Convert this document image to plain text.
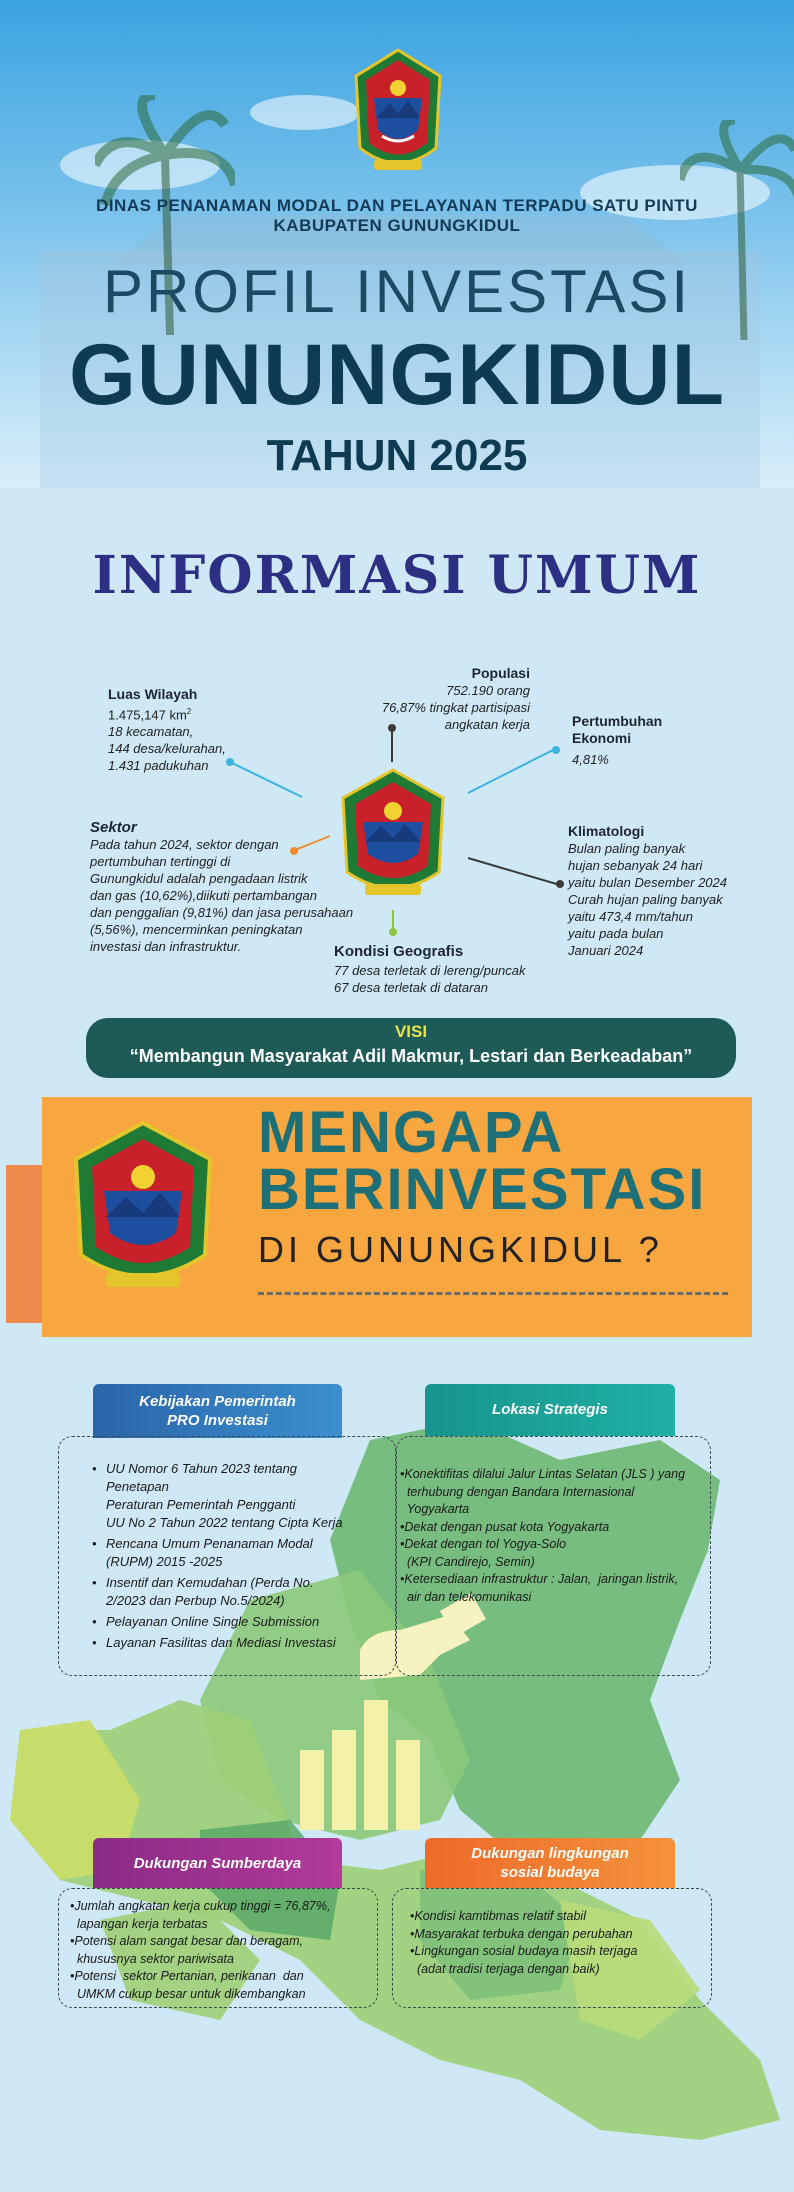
DINAS PENANAMAN MODAL DAN PELAYANAN TERPADU SATU PINTU
KABUPATEN GUNUNGKIDUL
PROFIL INVESTASI
GUNUNGKIDUL
TAHUN 2025
INFORMASI UMUM
Luas Wilayah
1.475,147 $km^2$
18 kecamatan,
144 desa/kelurahan,
1.431 padukuhan
Populasi
752.190 orang
76,87% tingkat partisipasi
angkatan kerja	Pertumbuhan
Ekonomi
4,81%
Sektor
Pada tahun 2024, sektor dengan
pertumbuhan tertinggi di
Gunungkidul adalah pengadaan listrik
dan gas (10,62%),diikuti pertambangan
dan penggalian (9,81%) dan jasa perusahaan
(5,56%), mencerminkan peningkatan
investasi dan infrastruktur.
Klimatologi
Bulan paling banyak
hujan sebanyak 24 hari
yaitu bulan Desember 2024
Curah hujan paling banyak
yaitu 473,4 mm/tahun
yaitu pada bulan
Januari 2024
Kondisi Geografis
77 desa terletak di lereng/puncak
67 desa terletak di dataran
VISI
“Membangun Masyarakat Adil Makmur, Lestari dan Berkeadaban”
MENGAPA
BERINVESTASI
DI GUNUNGKIDUL ?
Kebijakan Pemerintah
PRO Investasi
• UU Nomor 6 Tahun 2023 tentang
Penetapan
Peraturan Pemerintah Pengganti
UU No 2 Tahun 2022 tentang Cipta Kerja
• Rencana Umum Penanaman Modal
(RUPM) 2015 -2025
• Insentif dan Kemudahan (Perda No.
2/2023 dan Perbup No.5/2024)
• Pelayanan Online Single Submission
• Layanan Fasilitas dan Mediasi Investasi
Lokasi Strategis
•Konektifitas dilalui Jalur Lintas Selatan (JLS ) yang
terhubung dengan Bandara Internasional
Yogyakarta
•Dekat dengan pusat kota Yogyakarta
•Dekat dengan tol Yogya-Solo
(KPI Candirejo, Semin)
•Ketersediaan infrastruktur : Jalan,  jaringan listrik,
air dan telekomunikasi
Dukungan Sumberdaya
•Jumlah angkatan kerja cukup tinggi = 76,87%,
lapangan kerja terbatas
•Potensi alam sangat besar dan beragam,
khususnya sektor pariwisata
•Potensi  sektor Pertanian, perikanan  dan
UMKM cukup besar untuk dikembangkan
Dukungan lingkungan
sosial budaya
•Kondisi kamtibmas relatif stabil
•Masyarakat terbuka dengan perubahan
•Lingkungan sosial budaya masih terjaga
(adat tradisi terjaga dengan baik)
